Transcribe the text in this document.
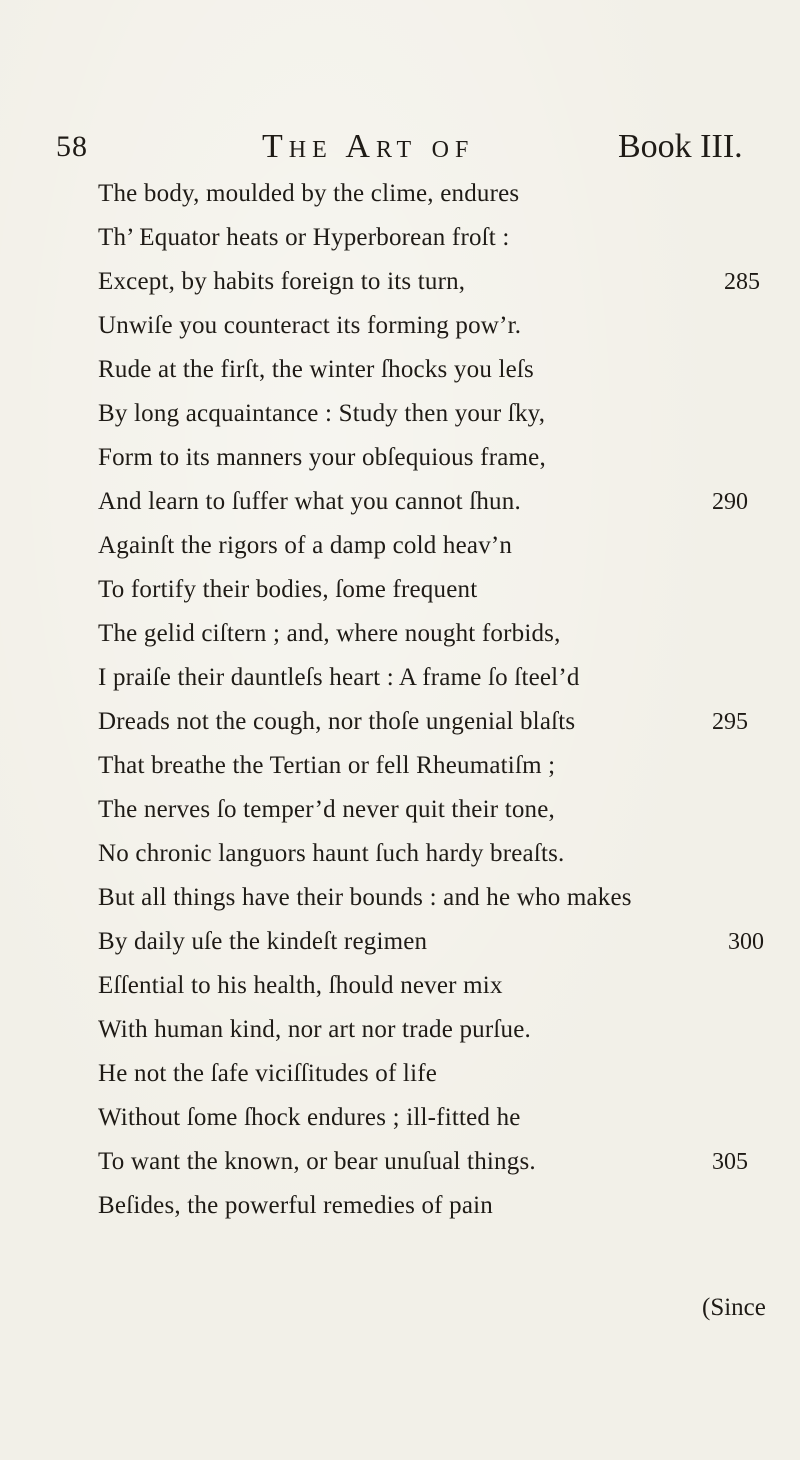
58	The Art of	Book III.
The body, moulded by the clime, endures
Th’ Equator heats or Hyperborean froſt :
Except, by habits foreign to its turn,
Unwiſe you counteract its forming pow’r.
Rude at the firſt, the winter ſhocks you leſs
By long acquaintance : Study then your ſky,
Form to its manners your obſequious frame,
And learn to ſuffer what you cannot ſhun.
Againſt the rigors of a damp cold heav’n
To fortify their bodies, ſome frequent
The gelid ciſtern ; and, where nought forbids,
I praiſe their dauntleſs heart : A frame ſo ſteel’d
Dreads not the cough, nor thoſe ungenial blaſts
That breathe the Tertian or fell Rheumatiſm ;
The nerves ſo temper’d never quit their tone,
No chronic languors haunt ſuch hardy breaſts.
But all things have their bounds : and he who makes
By daily uſe the kindeſt regimen
Eſſential to his health, ſhould never mix
With human kind, nor art nor trade purſue.
He not the ſafe viciſſitudes of life
Without ſome ſhock endures ; ill-fitted he
To want the known, or bear unuſual things.
Beſides, the powerful remedies of pain
285
290
295
300
305
(Since
